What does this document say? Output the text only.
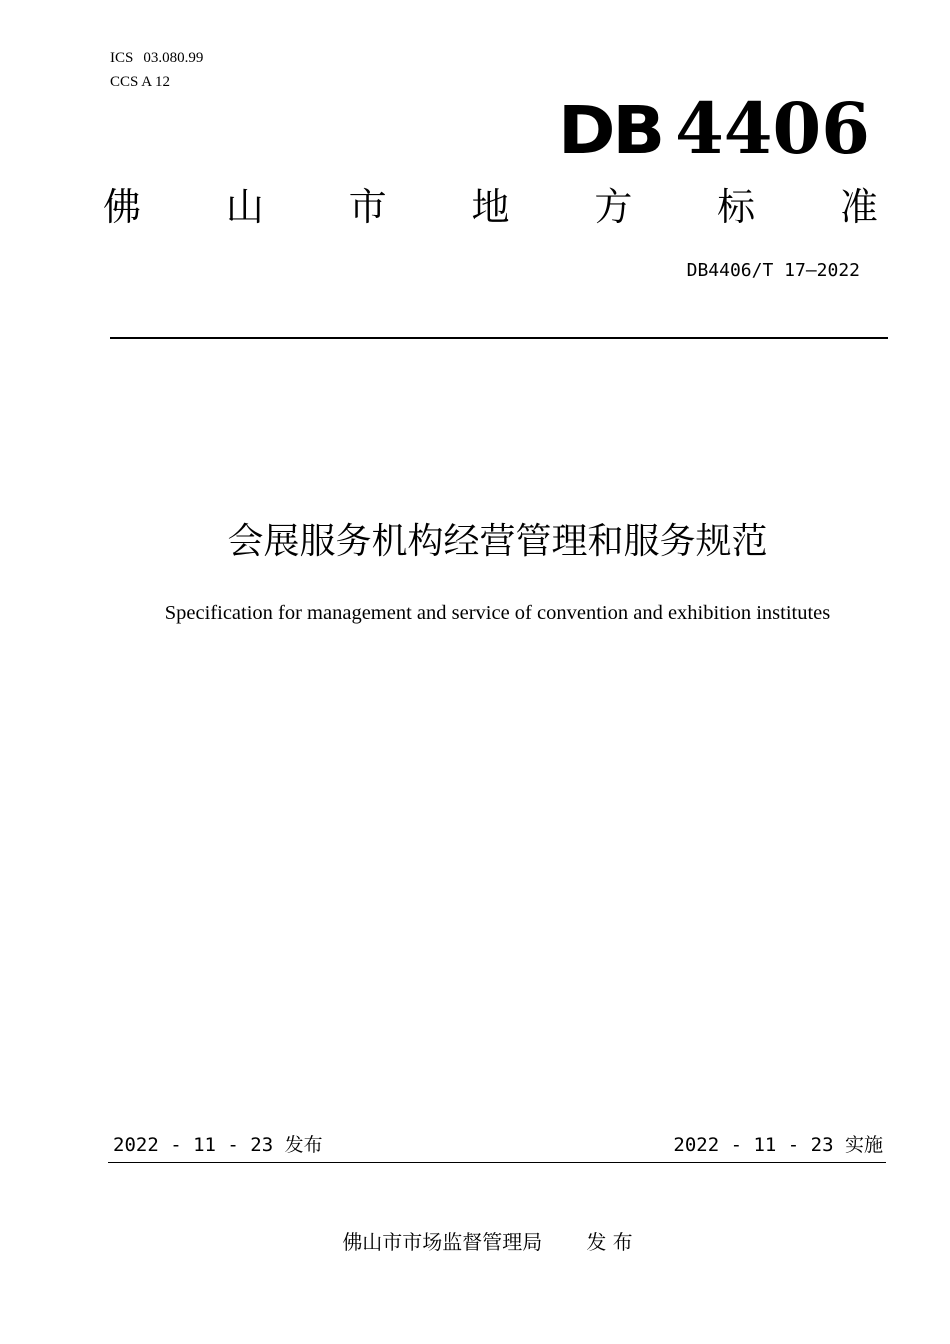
ICS 03.080.99
CCS A 12
DB 4406
佛 山 市 地 方 标 准
DB4406/T 17—2022
会展服务机构经营管理和服务规范
Specification for management and service of convention and exhibition institutes
2022 - 11 - 23 发布	2022 - 11 - 23 实施
佛山市市场监督管理局 发 布
